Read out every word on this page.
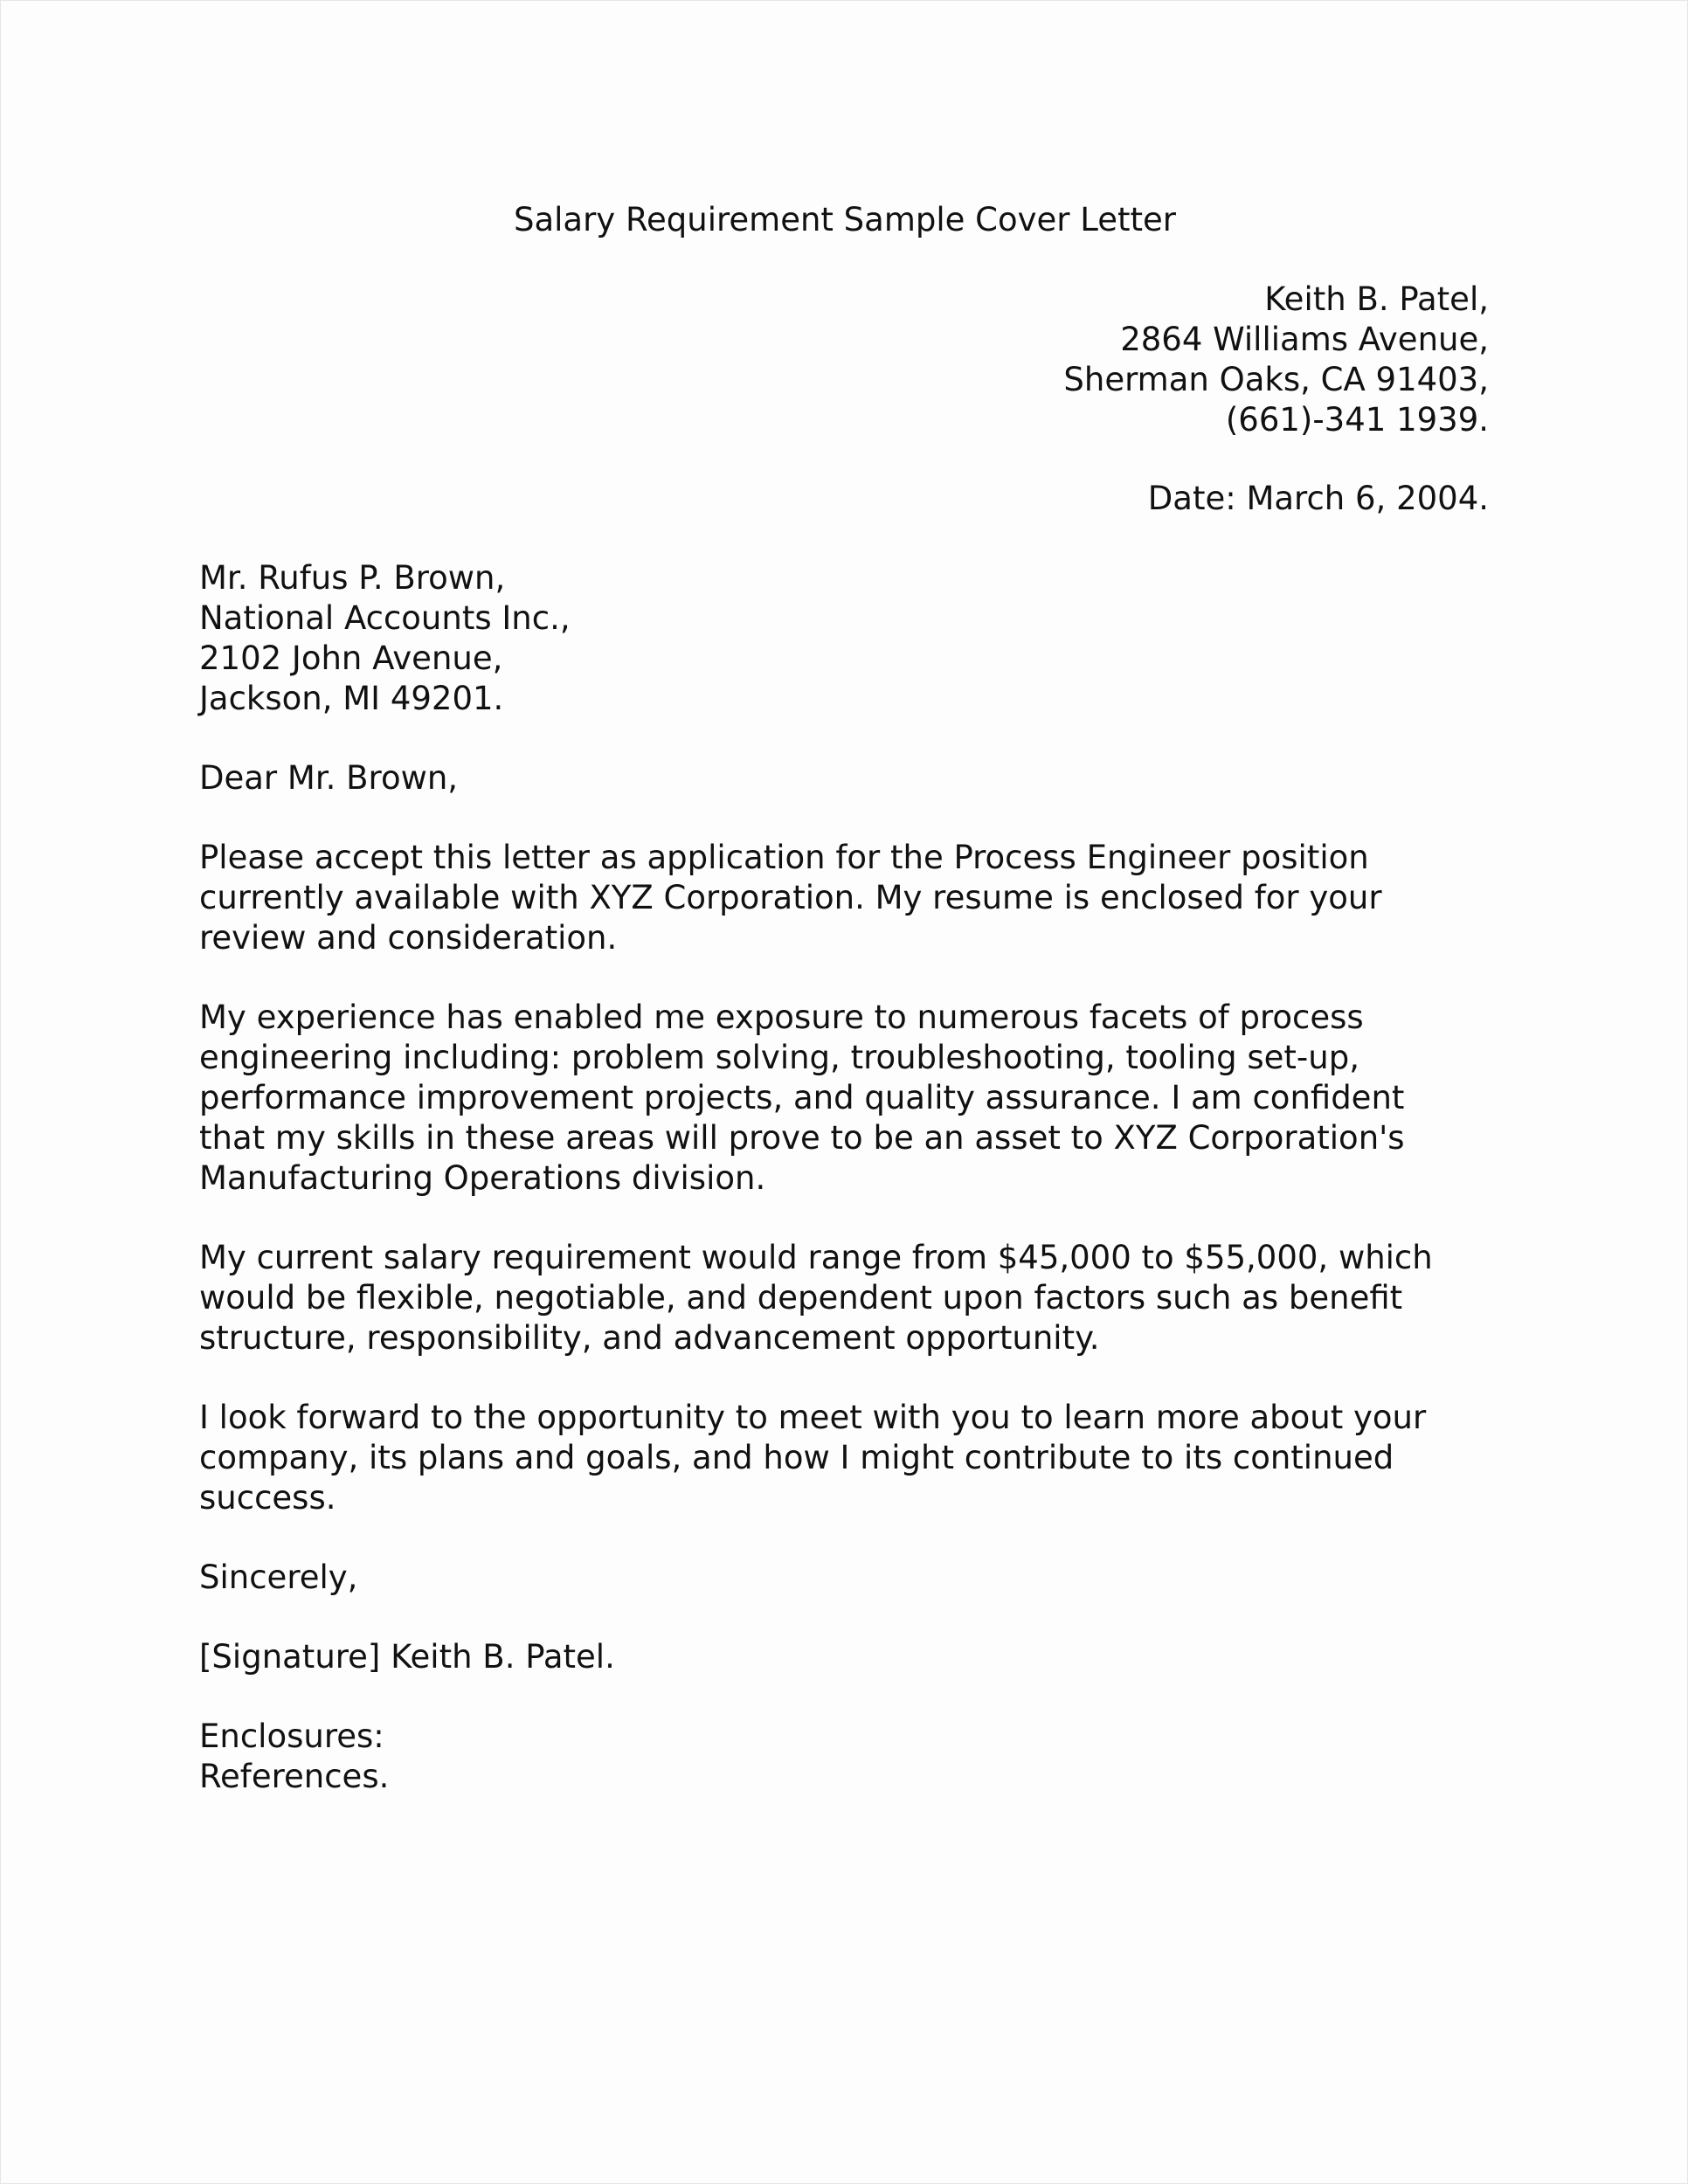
Salary Requirement Sample Cover Letter
Keith B. Patel,
2864 Williams Avenue,
Sherman Oaks, CA 91403,
(661)-341 1939.
Date: March 6, 2004.
Mr. Rufus P. Brown,
National Accounts Inc.,
2102 John Avenue,
Jackson, MI 49201.
Dear Mr. Brown,
Please accept this letter as application for the Process Engineer position
currently available with XYZ Corporation. My resume is enclosed for your
review and consideration.
My experience has enabled me exposure to numerous facets of process
engineering including: problem solving, troubleshooting, tooling set-up,
performance improvement projects, and quality assurance. I am confident
that my skills in these areas will prove to be an asset to XYZ Corporation's
Manufacturing Operations division.
My current salary requirement would range from $45,000 to $55,000, which
would be flexible, negotiable, and dependent upon factors such as benefit
structure, responsibility, and advancement opportunity.
I look forward to the opportunity to meet with you to learn more about your
company, its plans and goals, and how I might contribute to its continued
success.
Sincerely,
[Signature] Keith B. Patel.
Enclosures:
References.
